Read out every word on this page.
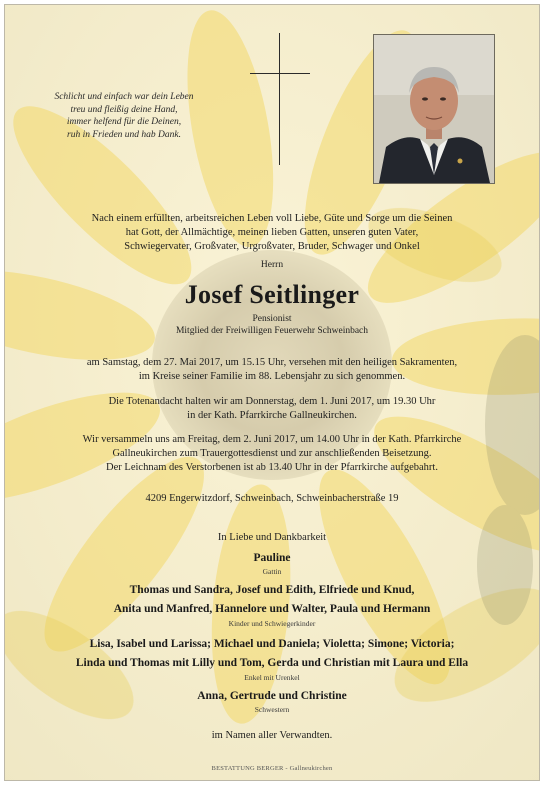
Schlicht und einfach war dein Leben
treu und fleißig deine Hand,
immer helfend für die Deinen,
ruh in Frieden und hab Dank.
Nach einem erfüllten, arbeitsreichen Leben voll Liebe, Güte und Sorge um die Seinen
hat Gott, der Allmächtige, meinen lieben Gatten, unseren guten Vater,
Schwiegervater, Großvater, Urgroßvater, Bruder, Schwager und Onkel
Herrn
Josef Seitlinger
Pensionist
Mitglied der Freiwilligen Feuerwehr Schweinbach
am Samstag, dem 27. Mai 2017, um 15.15 Uhr, versehen mit den heiligen Sakramenten,
im Kreise seiner Familie im 88. Lebensjahr zu sich genommen.
Die Totenandacht halten wir am Donnerstag, dem 1. Juni 2017, um 19.30 Uhr
in der Kath. Pfarrkirche Gallneukirchen.
Wir versammeln uns am Freitag, dem 2. Juni 2017, um 14.00 Uhr in der Kath. Pfarrkirche
Gallneukirchen zum Trauergottesdienst und zur anschließenden Beisetzung.
Der Leichnam des Verstorbenen ist ab 13.40 Uhr in der Pfarrkirche aufgebahrt.
4209 Engerwitzdorf, Schweinbach, Schweinbacherstraße 19
In Liebe und Dankbarkeit
Pauline
Gattin
Thomas und Sandra, Josef und Edith, Elfriede und Knud,
Anita und Manfred, Hannelore und Walter, Paula und Hermann
Kinder und Schwiegerkinder
Lisa, Isabel und Larissa; Michael und Daniela; Violetta; Simone; Victoria;
Linda und Thomas mit Lilly und Tom, Gerda und Christian mit Laura und Ella
Enkel mit Urenkel
Anna, Gertrude und Christine
Schwestern
im Namen aller Verwandten.
BESTATTUNG BERGER - Gallneukirchen
